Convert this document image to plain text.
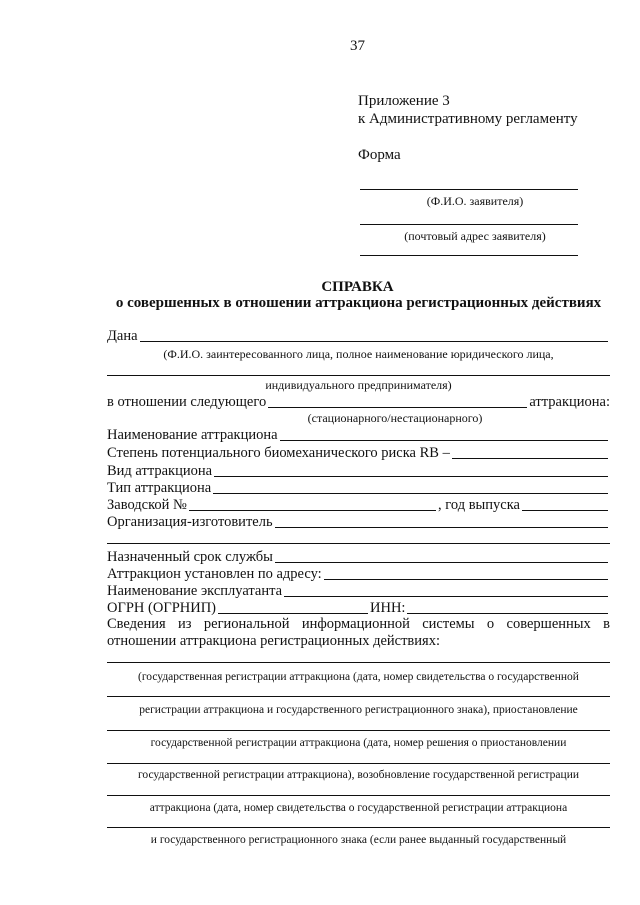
37
Приложение 3
к Административному регламенту
Форма
(Ф.И.О. заявителя)
(почтовый адрес заявителя)
СПРАВКА
о совершенных в отношении аттракциона регистрационных действиях
Дана
(Ф.И.О. заинтересованного лица, полное наименование юридического лица,
индивидуального предпринимателя)
в отношении следующего	аттракциона:
(стационарного/нестационарного)
Наименование аттракциона
Степень потенциального биомеханического риска RB –
Вид аттракциона
Тип аттракциона
Заводской №	, год выпуска
Организация-изготовитель
Назначенный срок службы
Аттракцион установлен по адресу:
Наименование эксплуатанта
ОГРН (ОГРНИП)	ИНН:
Сведения из региональной информационной системы о совершенных в отношении аттракциона регистрационных действиях:
(государственная регистрации аттракциона (дата, номер свидетельства о государственной
регистрации аттракциона и государственного регистрационного знака), приостановление
государственной регистрации аттракциона (дата, номер решения о приостановлении
государственной регистрации аттракциона), возобновление государственной регистрации
аттракциона (дата, номер свидетельства о государственной регистрации аттракциона
и государственного регистрационного знака (если ранее выданный государственный
